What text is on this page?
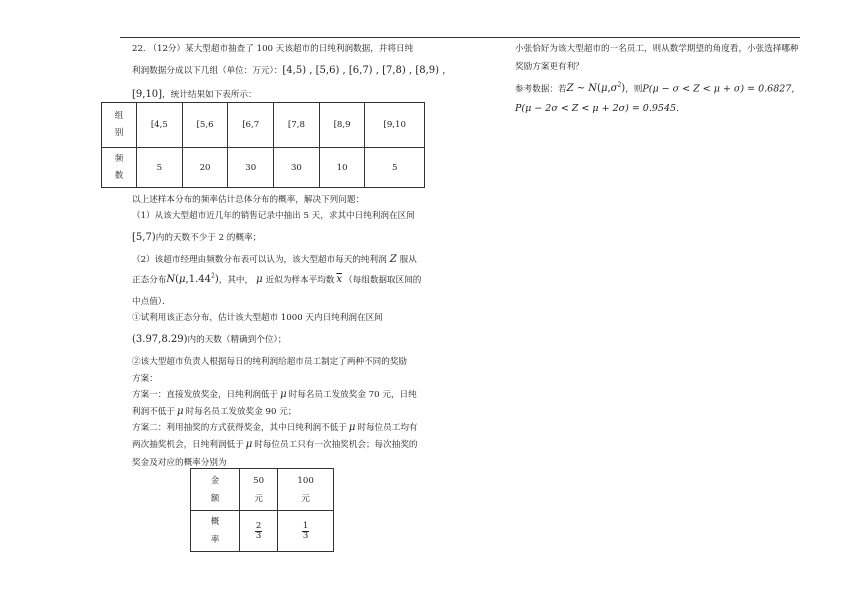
22. （12分）某大型超市抽查了 100 天该超市的日纯利润数据，并将日纯
利润数据分成以下几组（单位：万元）：[4,5) , [5,6) , [6,7) , [7,8) , [8,9) ,
[9,10]，统计结果如下表所示：
组
别	[4,5	[5,6	[6,7	[7,8	[8,9	[9,10
频
数	5	20	30	30	10	5
以上述样本分布的频率估计总体分布的概率，解决下列问题：
（1）从该大型超市近几年的销售记录中抽出 5 天，求其中日纯利润在区间
[5,7)内的天数不少于 2 的概率；
（2）该超市经理由频数分布表可以认为，该大型超市每天的纯利润 Z 服从
正态分布N(μ,1.44$^2$)，其中， μ 近似为样本平均数 $\overline{x}$ （每组数据取区间的
中点值）．
①试利用该正态分布，估计该大型超市 1000 天内日纯利润在区间
(3.97,8.29)内的天数（精确到个位）；
②该大型超市负责人根据每日的纯利润给超市员工制定了两种不同的奖励
方案：
方案一：直接发放奖金，日纯利润低于 μ 时每名员工发放奖金 70 元，日纯
利润不低于 μ 时每名员工发放奖金 90 元；
方案二：利用抽奖的方式获得奖金，其中日纯利润不低于 μ 时每位员工均有
两次抽奖机会，日纯利润低于 μ 时每位员工只有一次抽奖机会；每次抽奖的
奖金及对应的概率分别为
金
额	50
元	100
元
概
率	$\frac{2}{3}$	$\frac{1}{3}$
小张恰好为该大型超市的一名员工，则从数学期望的角度看，小张选择哪种
奖励方案更有利？
参考数据：若Z ~ $N(\mu,\sigma^2)$，则P(μ − σ < Z < μ + σ) = 0.6827，
P(μ − 2σ < Z < μ + 2σ) = 0.9545．
